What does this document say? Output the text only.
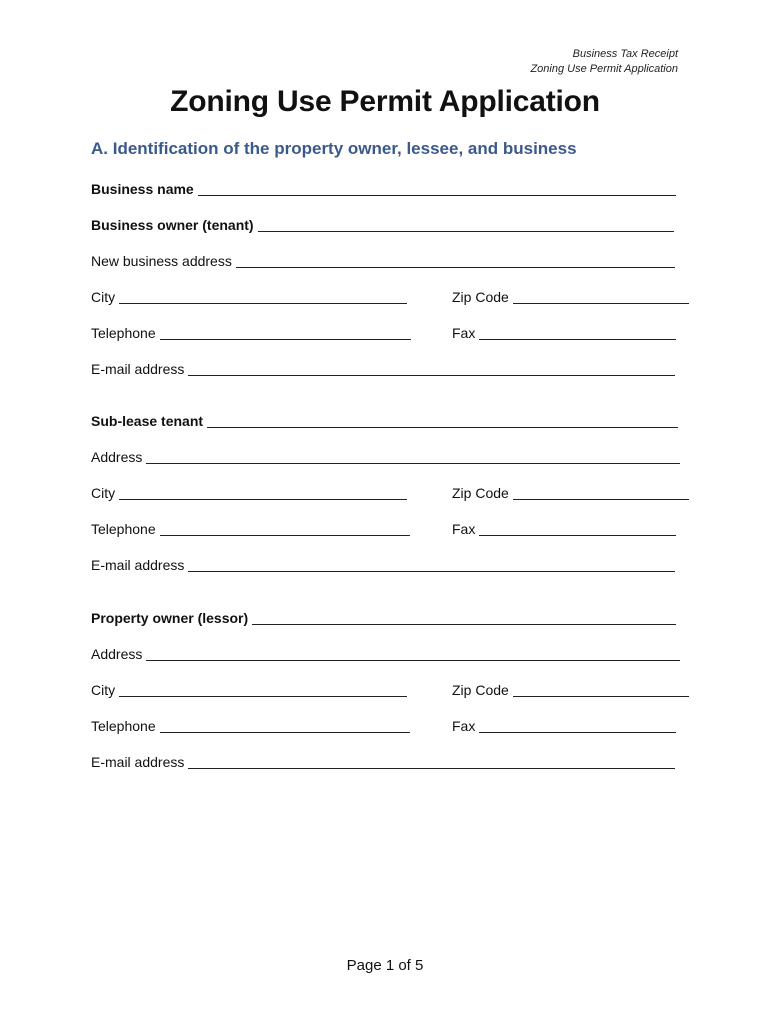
Business Tax Receipt
Zoning Use Permit Application
Zoning Use Permit Application
A. Identification of the property owner, lessee, and business
Business name
Business owner (tenant)
New business address
City	Zip Code
Telephone	Fax
E-mail address
Sub-lease tenant
Address
City	Zip Code
Telephone	Fax
E-mail address
Property owner (lessor)
Address
City	Zip Code
Telephone	Fax
E-mail address
Page 1 of 5
